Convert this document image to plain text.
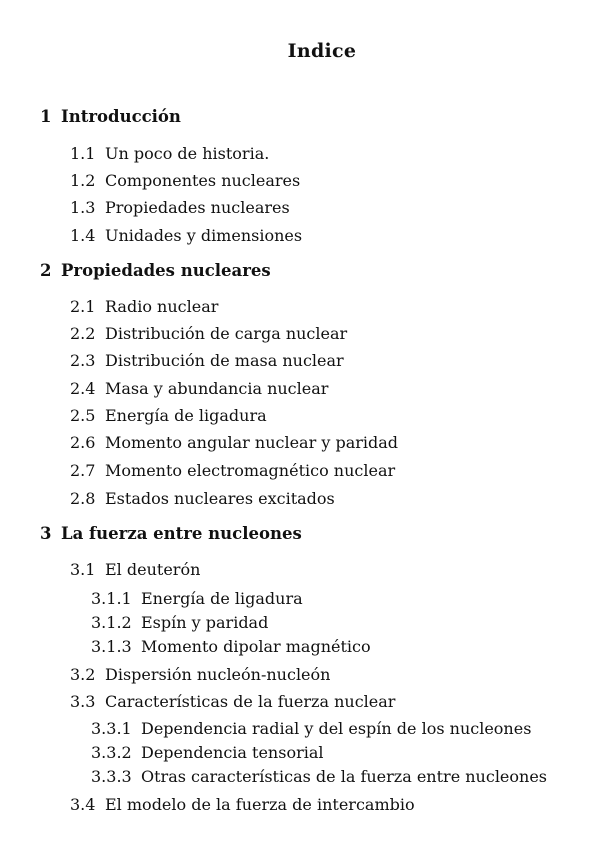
Indice
1 Introducción
1.1 Un poco de historia.
1.2 Componentes nucleares
1.3 Propiedades nucleares
1.4 Unidades y dimensiones
2 Propiedades nucleares
2.1 Radio nuclear
2.2 Distribución de carga nuclear
2.3 Distribución de masa nuclear
2.4 Masa y abundancia nuclear
2.5 Energía de ligadura
2.6 Momento angular nuclear y paridad
2.7 Momento electromagnético nuclear
2.8 Estados nucleares excitados
3 La fuerza entre nucleones
3.1 El deuterón
3.1.1 Energía de ligadura
3.1.2 Espín y paridad
3.1.3 Momento dipolar magnético
3.2 Dispersión nucleón-nucleón
3.3 Características de la fuerza nuclear
3.3.1 Dependencia radial y del espín de los nucleones
3.3.2 Dependencia tensorial
3.3.3 Otras características de la fuerza entre nucleones
3.4 El modelo de la fuerza de intercambio
